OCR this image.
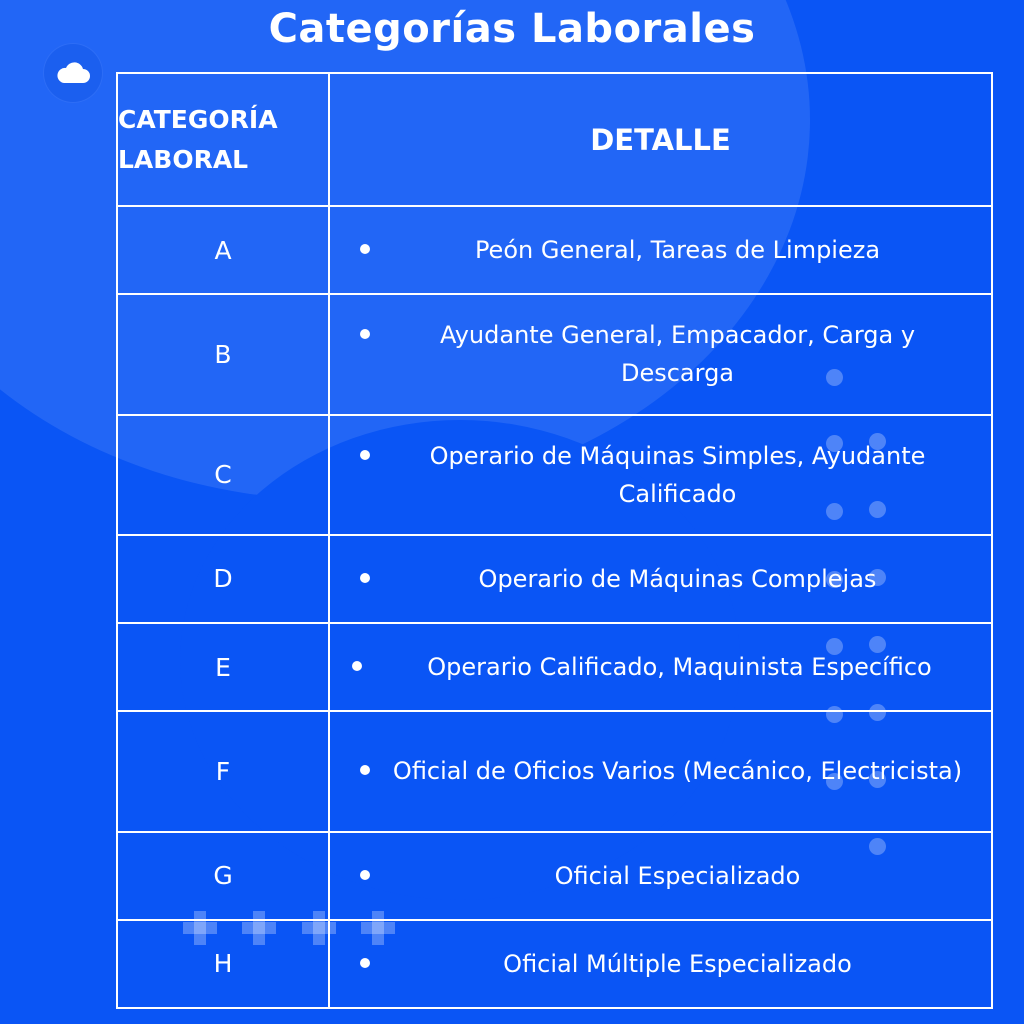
Categorías Laborales
CATEGORÍA LABORAL	DETALLE
A	Peón General, Tareas de Limpieza

B	Ayudante General, Empacador, Carga y Descarga

C	Operario de Máquinas Simples, Ayudante Calificado

D	Operario de Máquinas Complejas

E	Operario Calificado, Maquinista Específico

F	Oficial de Oficios Varios (Mecánico, Electricista)

G	Oficial Especializado

H	Oficial Múltiple Especializado
